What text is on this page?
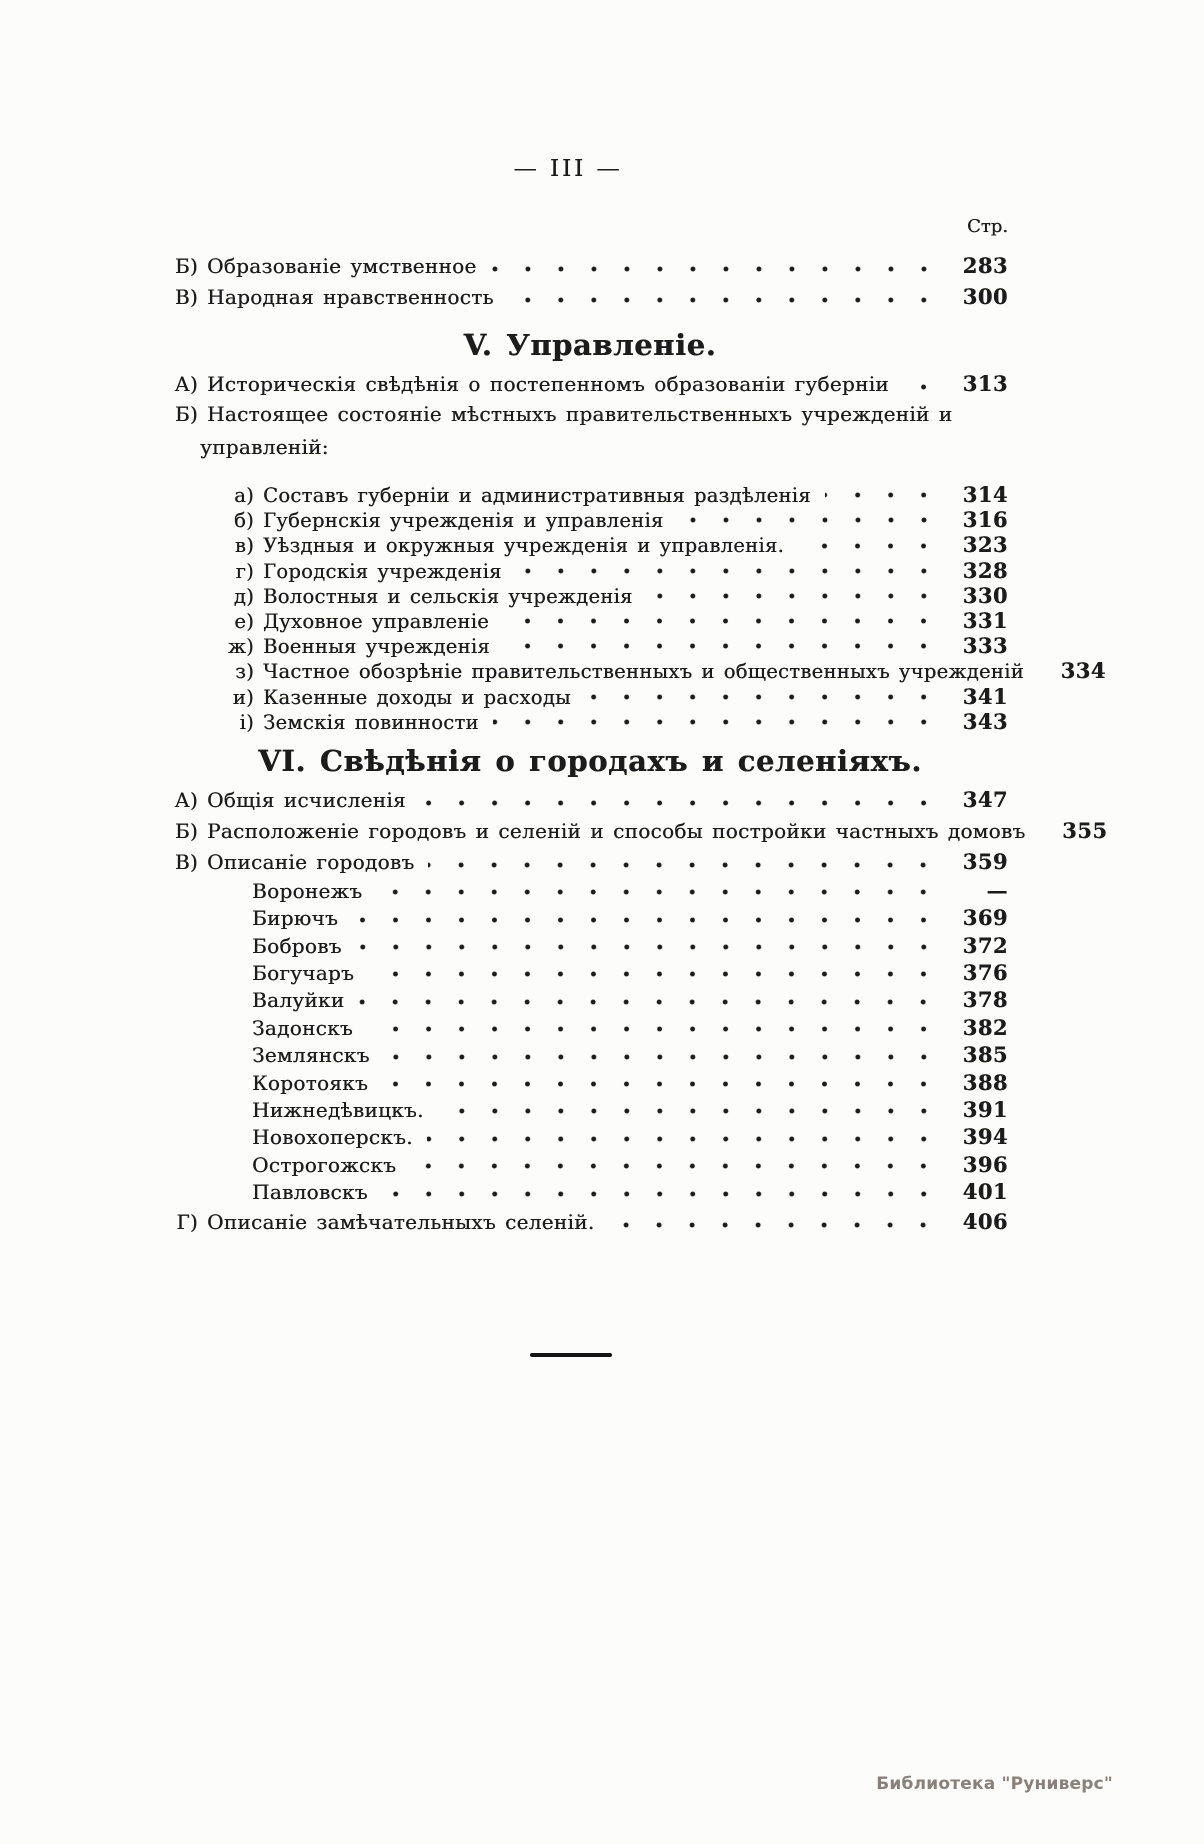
— III —
Стр.
Б) Образованіе умственное	283
В) Народная нравственность	300
V. Управленіе.
А) Историческія свѣдѣнія о постепенномъ образованіи губерніи	313
Б) Настоящее состояніе мѣстныхъ правительственныхъ учрежденій и
управленій:
а) Составъ губерніи и административныя раздѣленія	314
б) Губернскія учрежденія и управленія	316
в) Уѣздныя и окружныя учрежденія и управленія.	323
г) Городскія учрежденія	328
д) Волостныя и сельскія учрежденія	330
е) Духовное управленіе	331
ж) Военныя учрежденія	333
з) Частное обозрѣніе правительственныхъ и общественныхъ учрежденій	334
и) Казенные доходы и расходы	341
і) Земскія повинности	343
VI. Свѣдѣнія о городахъ и селеніяхъ.
А) Общія исчисленія	347
Б) Расположеніе городовъ и селеній и способы постройки частныхъ домовъ	355
В) Описаніе городовъ	359
Воронежъ	—
Бирючъ	369
Бобровъ	372
Богучаръ	376
Валуйки	378
Задонскъ	382
Землянскъ	385
Коротоякъ	388
Нижнедѣвицкъ.	391
Новохоперскъ.	394
Острогожскъ	396
Павловскъ	401
Г) Описаніе замѣчательныхъ селеній.	406
Библиотека "Руниверс"
